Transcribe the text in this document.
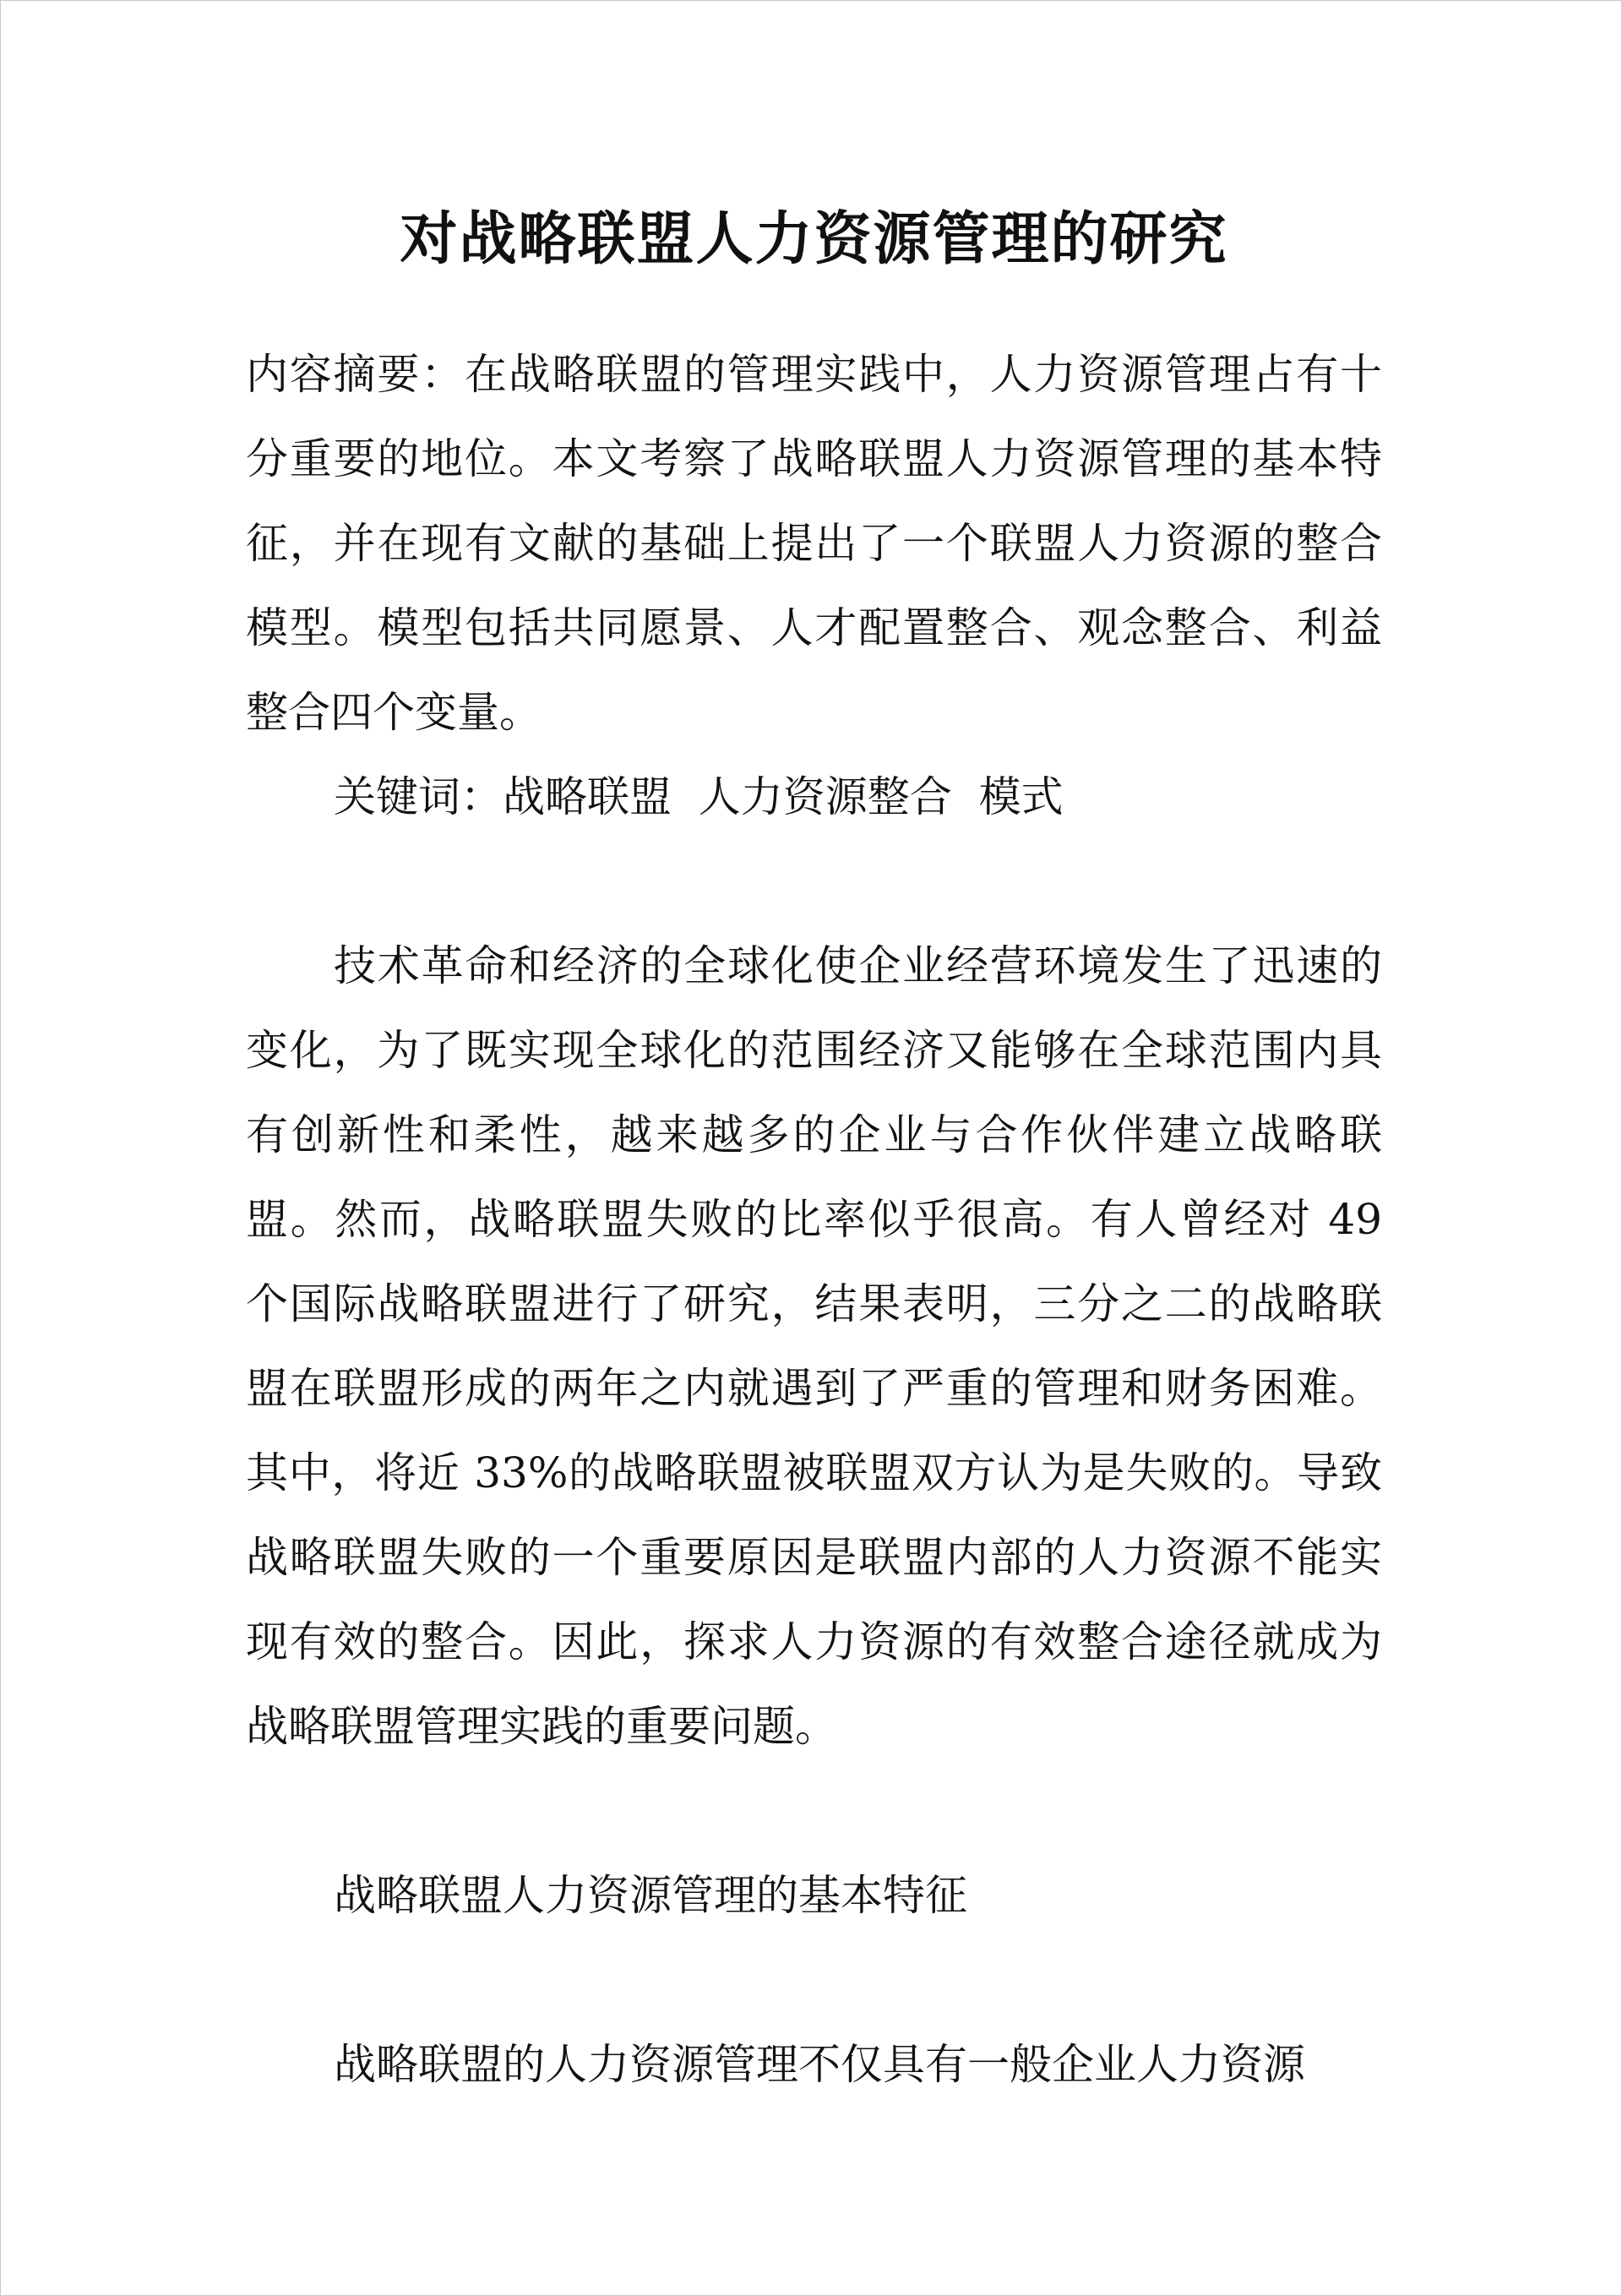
对战略联盟人力资源管理的研究

内容摘要：在战略联盟的管理实践中，人力资源管理占有十分重要的地位。本文考察了战略联盟人力资源管理的基本特征，并在现有文献的基础上提出了一个联盟人力资源的整合模型。模型包括共同愿景、人才配置整合、观念整合、利益整合四个变量。

关键词：战略联盟  人力资源整合  模式

技术革命和经济的全球化使企业经营环境发生了迅速的变化，为了既实现全球化的范围经济又能够在全球范围内具有创新性和柔性，越来越多的企业与合作伙伴建立战略联盟。然而，战略联盟失败的比率似乎很高。有人曾经对 49 个国际战略联盟进行了研究，结果表明，三分之二的战略联盟在联盟形成的两年之内就遇到了严重的管理和财务困难。其中，将近 33%的战略联盟被联盟双方认为是失败的。导致战略联盟失败的一个重要原因是联盟内部的人力资源不能实现有效的整合。因此，探求人力资源的有效整合途径就成为战略联盟管理实践的重要问题。

战略联盟人力资源管理的基本特征

战略联盟的人力资源管理不仅具有一般企业人力资源
